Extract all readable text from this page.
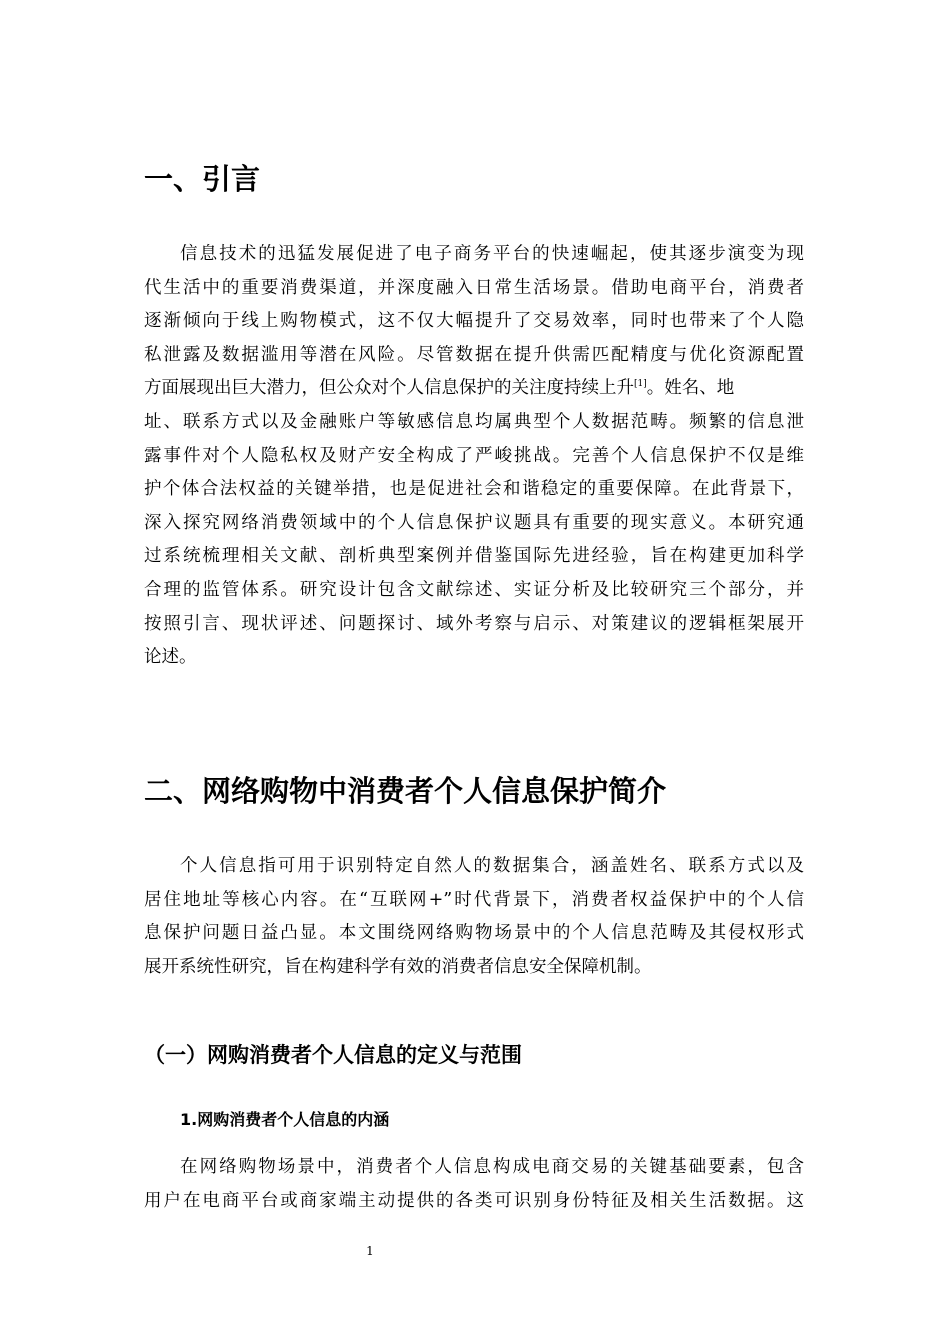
一、引言
信息技术的迅猛发展促进了电子商务平台的快速崛起，使其逐步演变为现
代生活中的重要消费渠道，并深度融入日常生活场景。借助电商平台，消费者
逐渐倾向于线上购物模式，这不仅大幅提升了交易效率，同时也带来了个人隐
私泄露及数据滥用等潜在风险。尽管数据在提升供需匹配精度与优化资源配置
方面展现出巨大潜力，但公众对个人信息保护的关注度持续上升[1]。姓名、地
址、联系方式以及金融账户等敏感信息均属典型个人数据范畴。频繁的信息泄
露事件对个人隐私权及财产安全构成了严峻挑战。完善个人信息保护不仅是维
护个体合法权益的关键举措，也是促进社会和谐稳定的重要保障。在此背景下，
深入探究网络消费领域中的个人信息保护议题具有重要的现实意义。本研究通
过系统梳理相关文献、剖析典型案例并借鉴国际先进经验，旨在构建更加科学
合理的监管体系。研究设计包含文献综述、实证分析及比较研究三个部分，并
按照引言、现状评述、问题探讨、域外考察与启示、对策建议的逻辑框架展开
论述。
二、网络购物中消费者个人信息保护简介
个人信息指可用于识别特定自然人的数据集合，涵盖姓名、联系方式以及
居住地址等核心内容。在“互联网+”时代背景下，消费者权益保护中的个人信
息保护问题日益凸显。本文围绕网络购物场景中的个人信息范畴及其侵权形式
展开系统性研究，旨在构建科学有效的消费者信息安全保障机制。
（一）网购消费者个人信息的定义与范围
1.网购消费者个人信息的内涵
在网络购物场景中，消费者个人信息构成电商交易的关键基础要素，包含
用户在电商平台或商家端主动提供的各类可识别身份特征及相关生活数据。这
1
